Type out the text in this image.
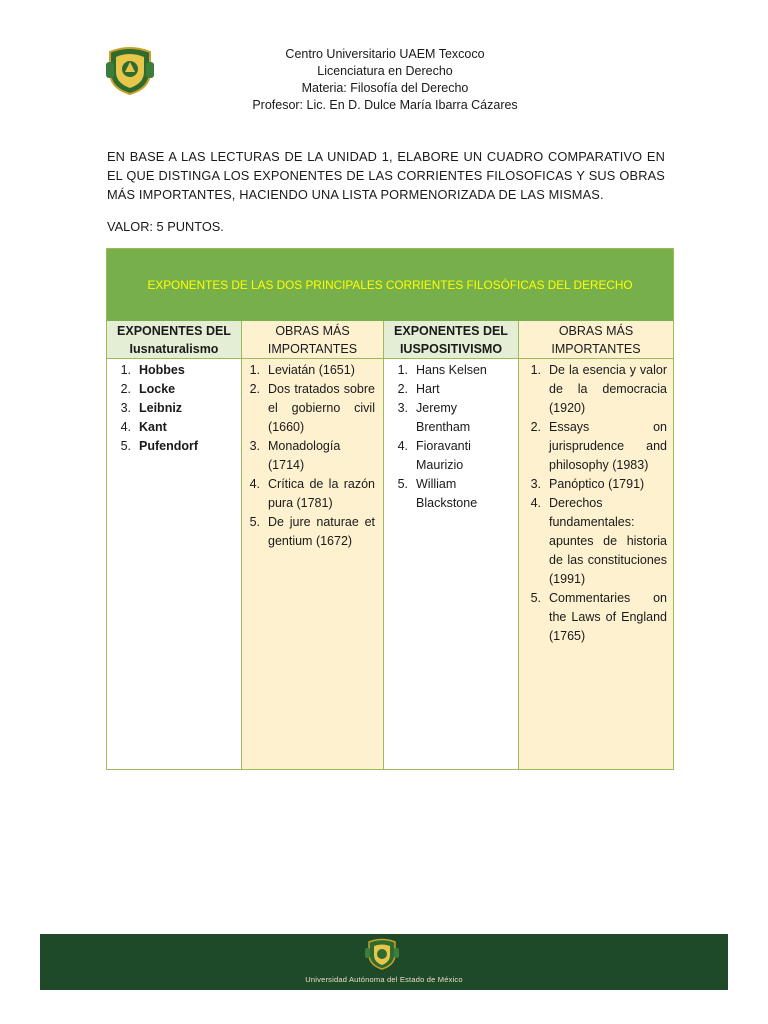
Centro Universitario UAEM Texcoco
Licenciatura en Derecho
Materia: Filosofía del Derecho
Profesor: Lic. En D. Dulce María Ibarra Cázares
EN BASE A LAS LECTURAS DE LA UNIDAD 1, ELABORE UN CUADRO COMPARATIVO EN EL QUE DISTINGA LOS EXPONENTES DE LAS CORRIENTES FILOSOFICAS Y SUS OBRAS MÁS IMPORTANTES, HACIENDO UNA LISTA PORMENORIZADA DE LAS MISMAS.
VALOR: 5 PUNTOS.
EXPONENTES DE LAS DOS PRINCIPALES CORRIENTES FILOSÓFICAS DEL DERECHO
EXPONENTES DEL Iusnaturalismo
1. Hobbes
2. Locke
3. Leibniz
4. Kant
5. Pufendorf
OBRAS MÁS IMPORTANTES
1. Leviatán (1651)
2. Dos tratados sobre el gobierno civil (1660)
3. Monadología (1714)
4. Crítica de la razón pura (1781)
5. De jure naturae et gentium (1672)
EXPONENTES DEL IUSPOSITIVISMO
1. Hans Kelsen
2. Hart
3. Jeremy Brentham
4. Fioravanti Maurizio
5. William Blackstone
OBRAS MÁS IMPORTANTES
1. De la esencia y valor de la democracia (1920)
2. Essays on jurisprudence and philosophy (1983)
3. Panóptico (1791)
4. Derechos fundamentales: apuntes de historia de las constituciones (1991)
5. Commentaries on the Laws of England (1765)
Universidad Autónoma del Estado de México
